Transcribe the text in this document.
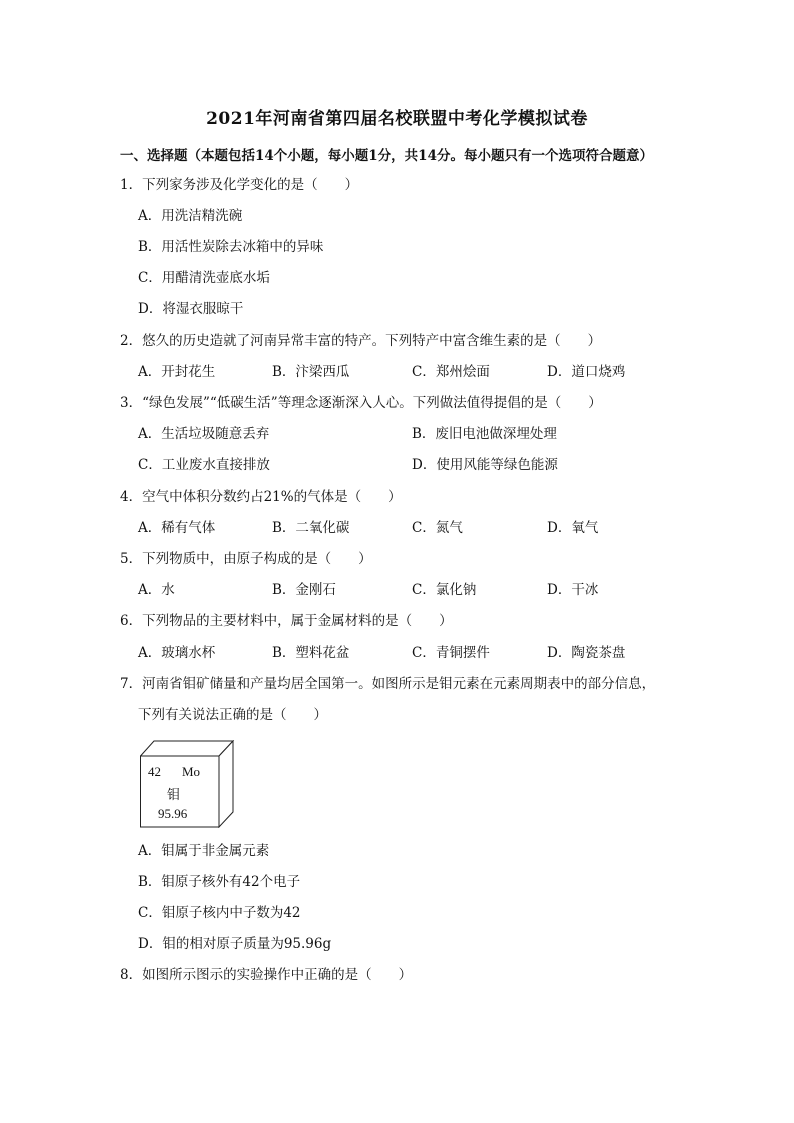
2021年河南省第四届名校联盟中考化学模拟试卷
一、选择题（本题包括14个小题，每小题1分，共14分。每小题只有一个选项符合题意）
1．下列家务涉及化学变化的是（　　）
A．用洗洁精洗碗
B．用活性炭除去冰箱中的异味
C．用醋清洗壶底水垢
D．将湿衣服晾干
2．悠久的历史造就了河南异常丰富的特产。下列特产中富含维生素的是（　　）
A．开封花生	B．汴梁西瓜	C．郑州烩面	D．道口烧鸡
3．“绿色发展”“低碳生活”等理念逐渐深入人心。下列做法值得提倡的是（　　）
A．生活垃圾随意丢弃	B．废旧电池做深埋处理
C．工业废水直接排放	D．使用风能等绿色能源
4．空气中体积分数约占21%的气体是（　　）
A．稀有气体	B．二氧化碳	C．氮气	D．氧气
5．下列物质中，由原子构成的是（　　）
A．水	B．金刚石	C．氯化钠	D．干冰
6．下列物品的主要材料中，属于金属材料的是（　　）
A．玻璃水杯	B．塑料花盆	C．青铜摆件	D．陶瓷茶盘
7．河南省钼矿储量和产量均居全国第一。如图所示是钼元素在元素周期表中的部分信息，
下列有关说法正确的是（　　）
42 Mo
钼
95.96
A．钼属于非金属元素
B．钼原子核外有42个电子
C．钼原子核内中子数为42
D．钼的相对原子质量为95.96g
8．如图所示图示的实验操作中正确的是（　　）
